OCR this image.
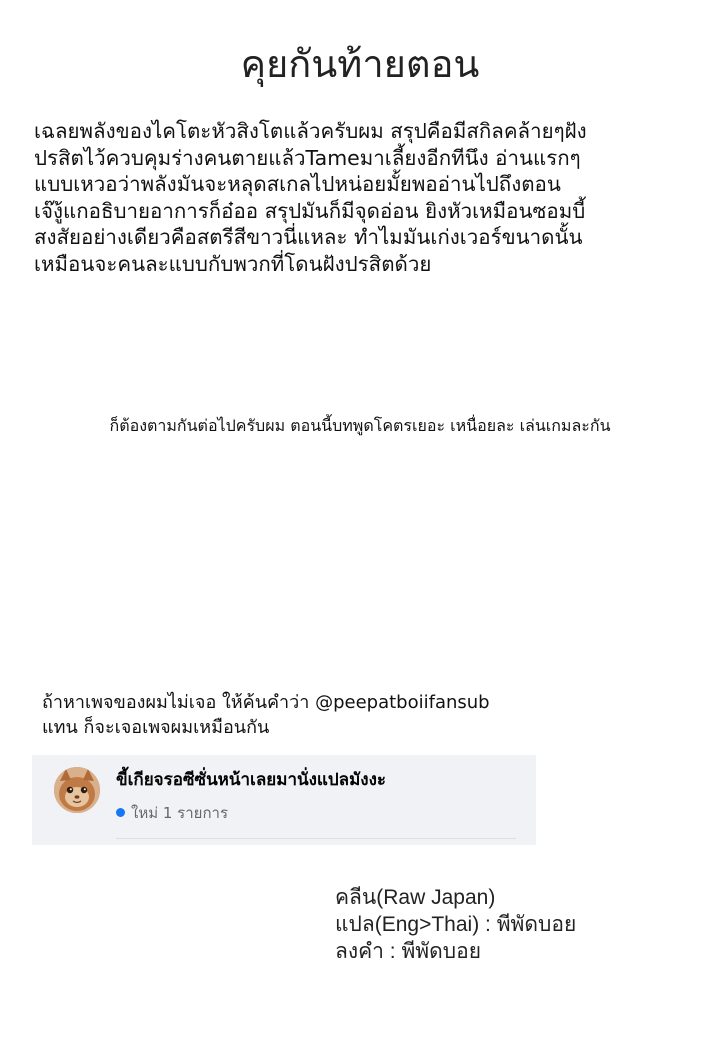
คุยกันท้ายตอน

เฉลยพลังของไคโตะหัวสิงโตแล้วครับผม สรุปคือมีสกิลคล้ายๆฝัง

ปรสิตไว้ควบคุมร่างคนตายแล้วTameมาเลี้ยงอีกทีนึง อ่านแรกๆ

แบบเหวอว่าพลังมันจะหลุดสเกลไปหน่อยมั้ยพออ่านไปถึงตอน

เจ๊งู้แกอธิบายอาการก็อ๋ออ สรุปมันก็มีจุดอ่อน ยิงหัวเหมือนซอมบี้

สงสัยอย่างเดียวคือสตรีสีขาวนี่แหละ ทำไมมันเก่งเวอร์ขนาดนั้น

เหมือนจะคนละแบบกับพวกที่โดนฝังปรสิตด้วย

ก็ต้องตามกันต่อไปครับผม ตอนนี้บทพูดโคตรเยอะ เหนื่อยละ เล่นเกมละกัน

ถ้าหาเพจของผมไม่เจอ ให้ค้นคำว่า @peepatboiifansub

แทน ก็จะเจอเพจผมเหมือนกัน

ขี้เกียจรอซีซั่นหน้าเลยมานั่งแปลมังงะ
ใหม่ 1 รายการ

คลีน(Raw Japan)

แปล(Eng>Thai) : พีพัดบอย

ลงคำ : พีพัดบอย
